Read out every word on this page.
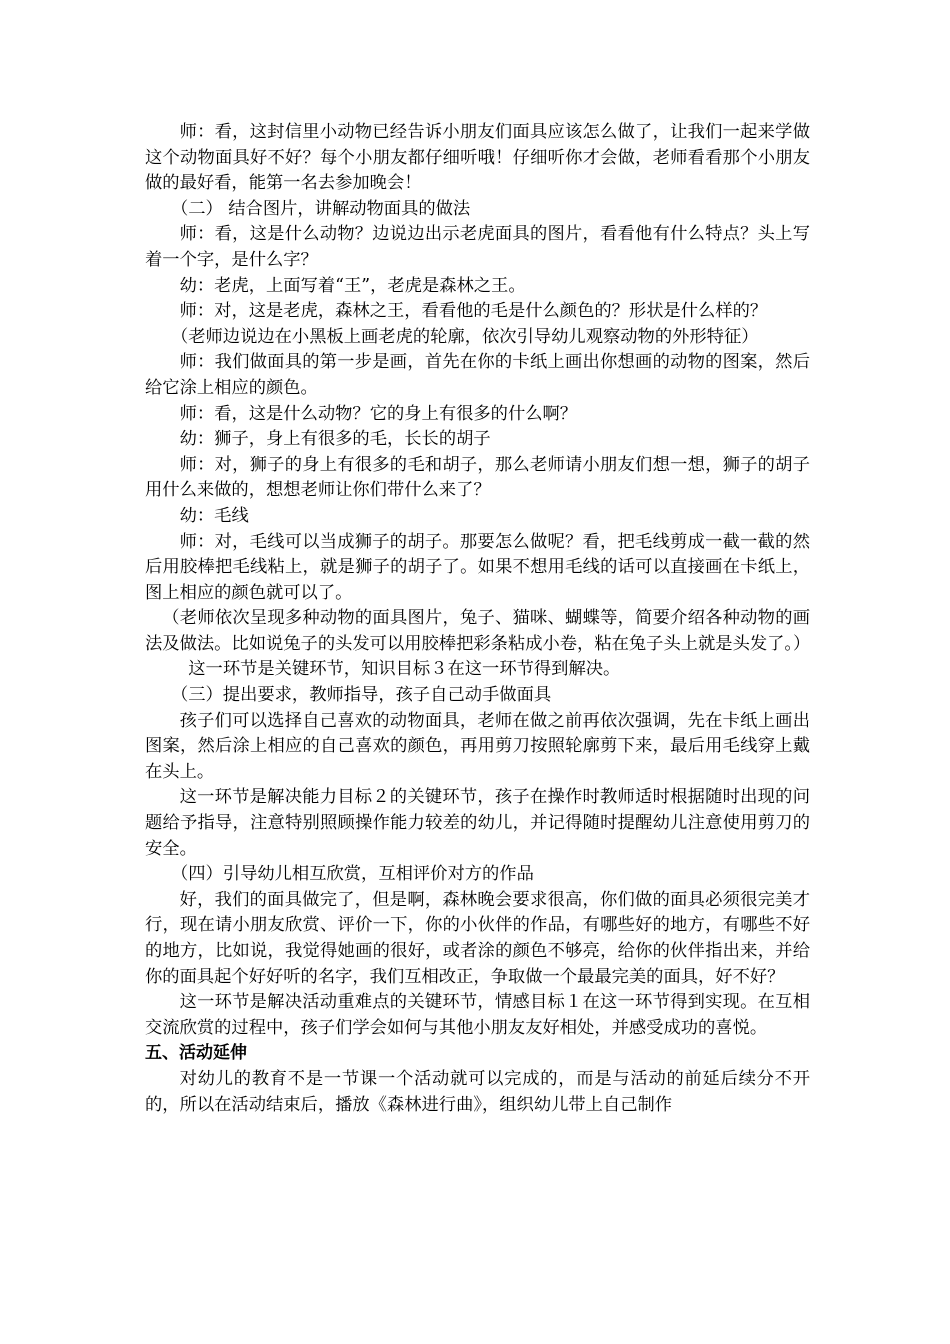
师：看，这封信里小动物已经告诉小朋友们面具应该怎么做了，让我们一起来学做这个动物面具好不好？每个小朋友都仔细听哦！仔细听你才会做，老师看看那个小朋友做的最好看，能第一名去参加晚会！

（二） 结合图片，讲解动物面具的做法

师：看，这是什么动物？边说边出示老虎面具的图片，看看他有什么特点？头上写着一个字，是什么字？

幼：老虎，上面写着“王”，老虎是森林之王。

师：对，这是老虎，森林之王，看看他的毛是什么颜色的？形状是什么样的？

（老师边说边在小黑板上画老虎的轮廓，依次引导幼儿观察动物的外形特征）

师：我们做面具的第一步是画，首先在你的卡纸上画出你想画的动物的图案，然后给它涂上相应的颜色。

师：看，这是什么动物？它的身上有很多的什么啊？

幼：狮子，身上有很多的毛，长长的胡子

师：对，狮子的身上有很多的毛和胡子，那么老师请小朋友们想一想，狮子的胡子用什么来做的，想想老师让你们带什么来了？

幼：毛线

师：对，毛线可以当成狮子的胡子。那要怎么做呢？看，把毛线剪成一截一截的然后用胶棒把毛线粘上，就是狮子的胡子了。如果不想用毛线的话可以直接画在卡纸上，图上相应的颜色就可以了。

（老师依次呈现多种动物的面具图片，兔子、猫咪、蝴蝶等，简要介绍各种动物的画法及做法。比如说兔子的头发可以用胶棒把彩条粘成小卷，粘在兔子头上就是头发了。）

这一环节是关键环节，知识目标３在这一环节得到解决。

（三）提出要求，教师指导，孩子自己动手做面具

孩子们可以选择自己喜欢的动物面具，老师在做之前再依次强调，先在卡纸上画出图案，然后涂上相应的自己喜欢的颜色，再用剪刀按照轮廓剪下来，最后用毛线穿上戴在头上。

这一环节是解决能力目标２的关键环节，孩子在操作时教师适时根据随时出现的问题给予指导，注意特别照顾操作能力较差的幼儿，并记得随时提醒幼儿注意使用剪刀的安全。

（四）引导幼儿相互欣赏，互相评价对方的作品

好，我们的面具做完了，但是啊，森林晚会要求很高，你们做的面具必须很完美才行，现在请小朋友欣赏、评价一下，你的小伙伴的作品，有哪些好的地方，有哪些不好的地方，比如说，我觉得她画的很好，或者涂的颜色不够亮，给你的伙伴指出来，并给你的面具起个好好听的名字，我们互相改正，争取做一个最最完美的面具，好不好？

这一环节是解决活动重难点的关键环节，情感目标１在这一环节得到实现。在互相交流欣赏的过程中，孩子们学会如何与其他小朋友友好相处，并感受成功的喜悦。

五、活动延伸

对幼儿的教育不是一节课一个活动就可以完成的，而是与活动的前延后续分不开的，所以在活动结束后，播放《森林进行曲》，组织幼儿带上自己制作
